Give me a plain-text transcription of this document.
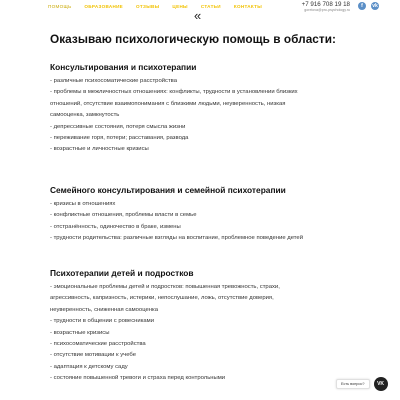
ПОМОЩЬ	ОБРАЗОВАНИЕ	ОТЗЫВЫ	ЦЕНЫ	СТАТЬИ	КОНТАКТЫ	+7 916 708 19 18
gorelova@pro-psychology.ru
f	vk
«
Оказываю психологическую помощь в области:

Консультирования и психотерапии

- различные психосоматические расстройства

- проблемы в межличностных отношениях: конфликты, трудности в установлении близких

отношений, отсутствие взаимопонимания с близкими людьми, неуверенность, низкая

самооценка, замкнутость

- депрессивные состояния, потеря смысла жизни

- переживание горя, потери; расставания, развода

- возрастные и личностные кризисы

Семейного консультирования и семейной психотерапии

- кризисы в отношениях

- конфликтные отношения, проблемы власти в семье

- отстранённость, одиночество в браке, измены

- трудности родительства: различные взгляды на воспитание, проблемное поведение детей

Психотерапии детей и подростков

- эмоциональные проблемы детей и подростков: повышенная тревожность, страхи,

агрессивность, капризность, истерики, непослушание, ложь, отсутствие доверия,

неуверенность, сниженная самооценка

- трудности в общении с ровесниками

- возрастные кризисы

- психосоматические расстройства

- отсутствие мотивации к учебе

- адаптация к детскому саду

- состояние повышенной тревоги и страха перед контрольными

Есть вопрос?	VK
